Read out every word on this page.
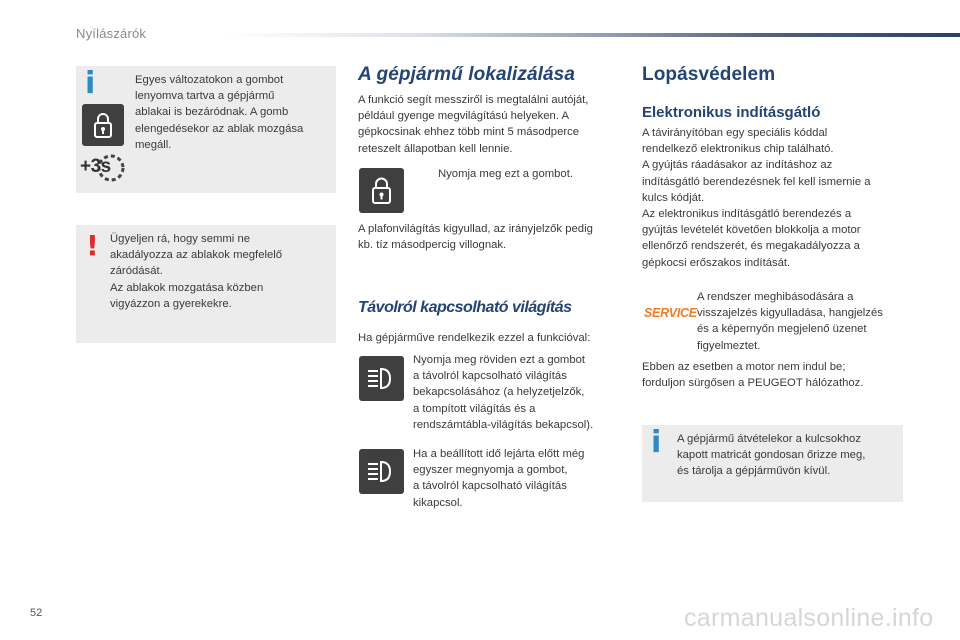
Nyílászárók
i
+3s

Egyes változatokon a gombot

lenyomva tartva a gépjármű

ablakai is bezáródnak. A gomb

elengedésekor az ablak mozgása

megáll.

! Ügyeljen rá, hogy semmi ne

akadályozza az ablakok megfelelő

záródását.

Az ablakok mozgatása közben

vigyázzon a gyerekekre.

A gépjármű lokalizálása

A funkció segít messziről is megtalálni autóját,

például gyenge megvilágítású helyeken. A

gépkocsinak ehhez több mint 5 másodperce

reteszelt állapotban kell lennie.

Nyomja meg ezt a gombot.

A plafonvilágítás kigyullad, az irányjelzők pedig

kb. tíz másodpercig villognak.

Távolról kapcsolható világítás
Ha gépjárműve rendelkezik ezzel a funkcióval:

Nyomja meg röviden ezt a gombot

a távolról kapcsolható világítás

bekapcsolásához (a helyzetjelzők,

a tompított világítás és a

rendszámtábla-világítás bekapcsol).

Ha a beállított idő lejárta előtt még

egyszer megnyomja a gombot,

a távolról kapcsolható világítás

kikapcsol.

Lopásvédelem
Elektronikus indításgátló

A távirányítóban egy speciális kóddal

rendelkező elektronikus chip található.

A gyújtás ráadásakor az indításhoz az

indításgátló berendezésnek fel kell ismernie a

kulcs kódját.

Az elektronikus indításgátló berendezés a

gyújtás levételét követően blokkolja a motor

ellenőrző rendszerét, és megakadályozza a

gépkocsi erőszakos indítását.

SERVICE

A rendszer meghibásodására a

visszajelzés kigyulladása, hangjelzés

és a képernyőn megjelenő üzenet

figyelmeztet.

Ebben az esetben a motor nem indul be;

forduljon sürgősen a PEUGEOT hálózathoz.

i A gépjármű átvételekor a kulcsokhoz

kapott matricát gondosan őrizze meg,

és tárolja a gépjárművön kívül.

52	carmanualsonline.info
